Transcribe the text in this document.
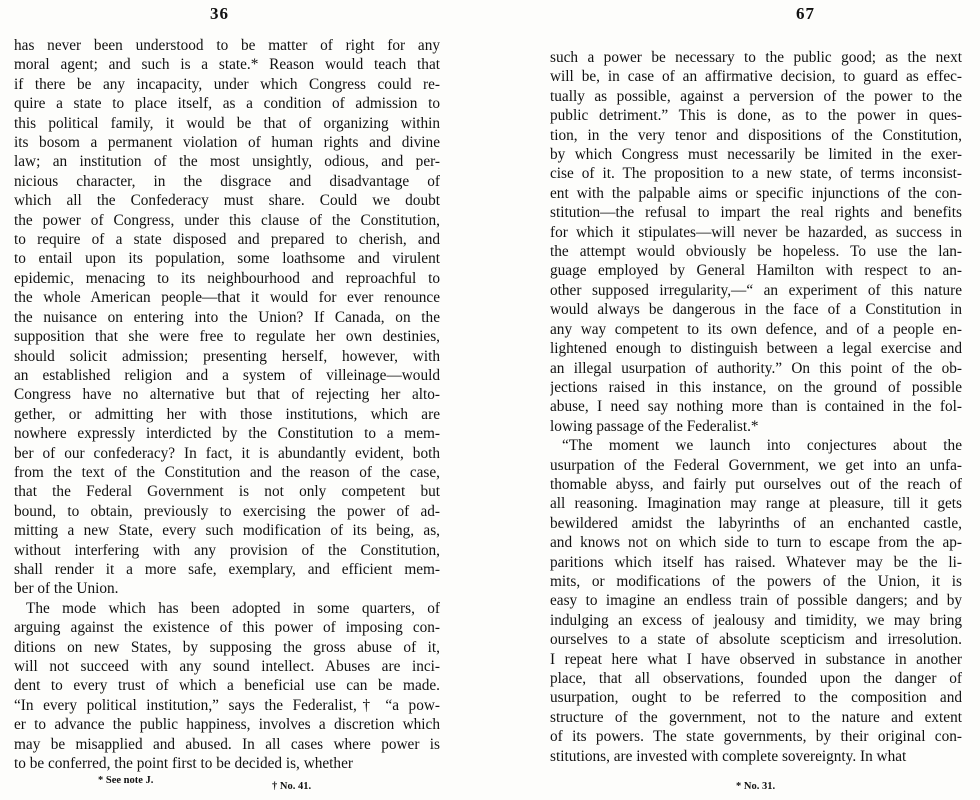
36
has never been understood to be matter of right for any
moral agent; and such is a state.* Reason would teach that
if there be any incapacity, under which Congress could re-
quire a state to place itself, as a condition of admission to
this political family, it would be that of organizing within
its bosom a permanent violation of human rights and divine
law; an institution of the most unsightly, odious, and per-
nicious character, in the disgrace and disadvantage of
which all the Confederacy must share. Could we doubt
the power of Congress, under this clause of the Constitution,
to require of a state disposed and prepared to cherish, and
to entail upon its population, some loathsome and virulent
epidemic, menacing to its neighbourhood and reproachful to
the whole American people—that it would for ever renounce
the nuisance on entering into the Union? If Canada, on the
supposition that she were free to regulate her own destinies,
should solicit admission; presenting herself, however, with
an established religion and a system of villeinage—would
Congress have no alternative but that of rejecting her alto-
gether, or admitting her with those institutions, which are
nowhere expressly interdicted by the Constitution to a mem-
ber of our confederacy? In fact, it is abundantly evident, both
from the text of the Constitution and the reason of the case,
that the Federal Government is not only competent but
bound, to obtain, previously to exercising the power of ad-
mitting a new State, every such modification of its being, as,
without interfering with any provision of the Constitution,
shall render it a more safe, exemplary, and efficient mem-
ber of the Union.
The mode which has been adopted in some quarters, of
arguing against the existence of this power of imposing con-
ditions on new States, by supposing the gross abuse of it,
will not succeed with any sound intellect. Abuses are inci-
dent to every trust of which a beneficial use can be made.
“In every political institution,” says the Federalist,† “a pow-
er to advance the public happiness, involves a discretion which
may be misapplied and abused. In all cases where power is
to be conferred, the point first to be decided is, whether
* See note J.
† No. 41.
67
such a power be necessary to the public good; as the next
will be, in case of an affirmative decision, to guard as effec-
tually as possible, against a perversion of the power to the
public detriment.” This is done, as to the power in ques-
tion, in the very tenor and dispositions of the Constitution,
by which Congress must necessarily be limited in the exer-
cise of it. The proposition to a new state, of terms inconsist-
ent with the palpable aims or specific injunctions of the con-
stitution—the refusal to impart the real rights and benefits
for which it stipulates—will never be hazarded, as success in
the attempt would obviously be hopeless. To use the lan-
guage employed by General Hamilton with respect to an-
other supposed irregularity,—“ an experiment of this nature
would always be dangerous in the face of a Constitution in
any way competent to its own defence, and of a people en-
lightened enough to distinguish between a legal exercise and
an illegal usurpation of authority.” On this point of the ob-
jections raised in this instance, on the ground of possible
abuse, I need say nothing more than is contained in the fol-
lowing passage of the Federalist.*
“The moment we launch into conjectures about the
usurpation of the Federal Government, we get into an unfa-
thomable abyss, and fairly put ourselves out of the reach of
all reasoning. Imagination may range at pleasure, till it gets
bewildered amidst the labyrinths of an enchanted castle,
and knows not on which side to turn to escape from the ap-
paritions which itself has raised. Whatever may be the li-
mits, or modifications of the powers of the Union, it is
easy to imagine an endless train of possible dangers; and by
indulging an excess of jealousy and timidity, we may bring
ourselves to a state of absolute scepticism and irresolution.
I repeat here what I have observed in substance in another
place, that all observations, founded upon the danger of
usurpation, ought to be referred to the composition and
structure of the government, not to the nature and extent
of its powers. The state governments, by their original con-
stitutions, are invested with complete sovereignty. In what
* No. 31.
